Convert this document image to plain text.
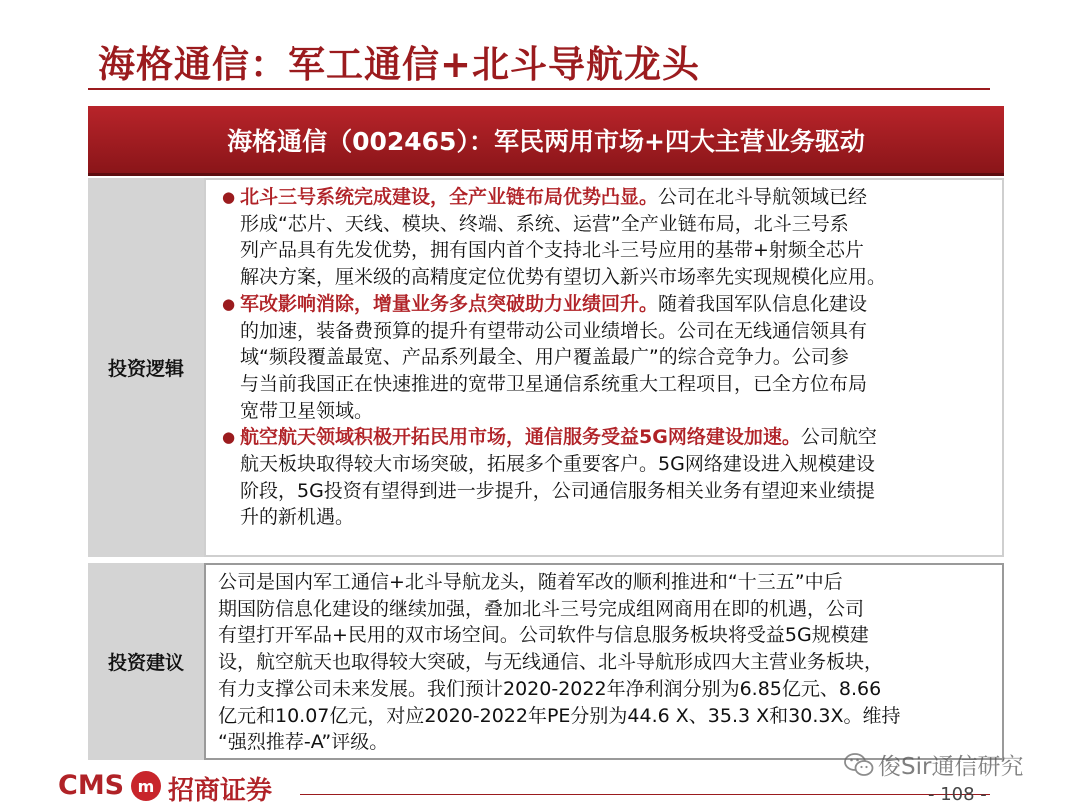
海格通信：军工通信+北斗导航龙头
海格通信（002465）：军民两用市场+四大主营业务驱动
投资逻辑
● 北斗三号系统完成建设，全产业链布局优势凸显。公司在北斗导航领域已经
形成“芯片、天线、模块、终端、系统、运营”全产业链布局，北斗三号系
列产品具有先发优势，拥有国内首个支持北斗三号应用的基带+射频全芯片
解决方案，厘米级的高精度定位优势有望切入新兴市场率先实现规模化应用。
● 军改影响消除，增量业务多点突破助力业绩回升。随着我国军队信息化建设
的加速，装备费预算的提升有望带动公司业绩增长。公司在无线通信领具有
域“频段覆盖最宽、产品系列最全、用户覆盖最广”的综合竞争力。公司参
与当前我国正在快速推进的宽带卫星通信系统重大工程项目，已全方位布局
宽带卫星领域。
● 航空航天领域积极开拓民用市场，通信服务受益5G网络建设加速。公司航空
航天板块取得较大市场突破，拓展多个重要客户。5G网络建设进入规模建设
阶段，5G投资有望得到进一步提升，公司通信服务相关业务有望迎来业绩提
升的新机遇。
投资建议
公司是国内军工通信+北斗导航龙头，随着军改的顺利推进和“十三五”中后
期国防信息化建设的继续加强，叠加北斗三号完成组网商用在即的机遇，公司
有望打开军品+民用的双市场空间。公司软件与信息服务板块将受益5G规模建
设，航空航天也取得较大突破，与无线通信、北斗导航形成四大主营业务板块，
有力支撑公司未来发展。我们预计2020-2022年净利润分别为6.85亿元、8.66
亿元和10.07亿元，对应2020-2022年PE分别为44.6 X、35.3 X和30.3X。维持
“强烈推荐-A”评级。
俊Sir通信研究
CMS m 招商证券	- 108 -
